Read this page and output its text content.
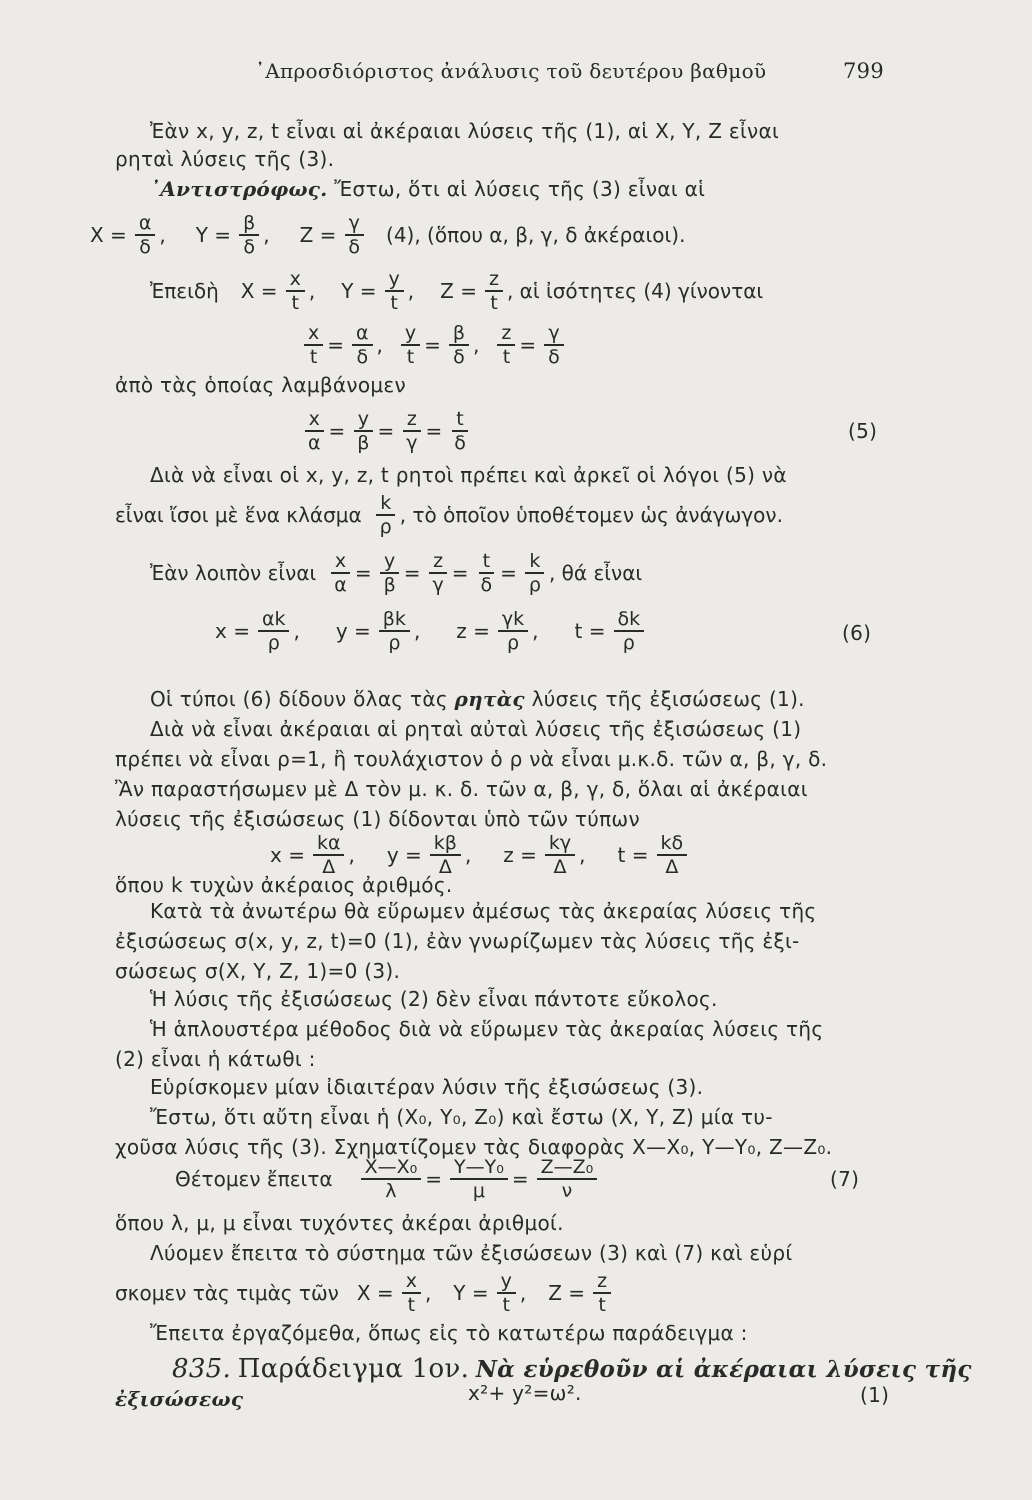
᾿Απροσδιόριστος ἀνάλυσις τοῦ δευτέρου βαθμοῦ	799
Ἐὰν x, y, z, t εἶναι αἱ ἀκέραιαι λύσεις τῆς (1), αἱ X, Y, Z εἶναι
ρηταὶ λύσεις τῆς (3).
᾿Αντιστρόφως. Ἔστω, ὅτι αἱ λύσεις τῆς (3) εἶναι αἱ
$X = \frac{\alpha}{\delta}$ , $Y = \frac{\beta}{\delta}$ , $Z = \frac{\gamma}{\delta} (4)$, (ὅπου α, β, γ, δ ἀκέραιοι).
Ἐπειδὴ $X = \frac{x}{t}$ , $Y = \frac{y}{t}$ , $Z = \frac{z}{t}$ , αἱ ἰσότητες (4) γίνονται
$\frac{x}{t} = \frac{\alpha}{\delta}$ , $\frac{y}{t} = \frac{\beta}{\delta}$ , $\frac{z}{t} = \frac{\gamma}{\delta}$
ἀπὸ τὰς ὁποίας λαμβάνομεν
$\frac{x}{\alpha} = \frac{y}{\beta} = \frac{z}{\gamma} = \frac{t}{\delta}$	(5)
Διὰ νὰ εἶναι οἱ x, y, z, t ρητοὶ πρέπει καὶ ἀρκεῖ οἱ λόγοι (5) νὰ
εἶναι ἴσοι μὲ ἕνα κλάσμα $\frac{k}{\rho}$ , τὸ ὁποῖον ὑποθέτομεν ὡς ἀνάγωγον.
Ἐὰν λοιπὸν εἶναι $\frac{x}{\alpha} = \frac{y}{\beta} = \frac{z}{\gamma} = \frac{t}{\delta} = \frac{k}{\rho}$ , θά εἶναι
$x = \frac{\alpha k}{\rho}$ , $y = \frac{\beta k}{\rho}$ , $z = \frac{\gamma k}{\rho}$ , $t = \frac{\delta k}{\rho}$	(6)
Οἱ τύποι (6) δίδουν ὅλας τὰς ρητὰς λύσεις τῆς ἐξισώσεως (1).
Διὰ νὰ εἶναι ἀκέραιαι αἱ ρηταὶ αὐταὶ λύσεις τῆς ἐξισώσεως (1)
πρέπει νὰ εἶναι ρ=1, ἢ τουλάχιστον ὁ ρ νὰ εἶναι μ.κ.δ. τῶν α, β, γ, δ.
Ἂν παραστήσωμεν μὲ Δ τὸν μ. κ. δ. τῶν α, β, γ, δ, ὅλαι αἱ ἀκέραιαι
λύσεις τῆς ἐξισώσεως (1) δίδονται ὑπὸ τῶν τύπων
$x = \frac{k\alpha}{\Delta}$ , $y = \frac{k\beta}{\Delta}$ , $z = \frac{k\gamma}{\Delta}$ , $t = \frac{k\delta}{\Delta}$
ὅπου k τυχὼν ἀκέραιος ἀριθμός.
Κατὰ τὰ ἀνωτέρω θὰ εὕρωμεν ἀμέσως τὰς ἀκεραίας λύσεις τῆς
ἐξισώσεως σ(x, y, z, t)=0 (1), ἐὰν γνωρίζωμεν τὰς λύσεις τῆς ἐξι-
σώσεως σ(X, Y, Z, 1)=0 (3).
Ἡ λύσις τῆς ἐξισώσεως (2) δὲν εἶναι πάντοτε εὔκολος.
Ἡ ἁπλουστέρα μέθοδος διὰ νὰ εὕρωμεν τὰς ἀκεραίας λύσεις τῆς
(2) εἶναι ἡ κάτωθι :
Εὑρίσκομεν μίαν ἰδιαιτέραν λύσιν τῆς ἐξισώσεως (3).
Ἔστω, ὅτι αὔτη εἶναι ἡ (X₀, Y₀, Z₀) καὶ ἔστω (X, Y, Z) μία τυ-
χοῦσα λύσις τῆς (3). Σχηματίζομεν τὰς διαφορὰς X—X₀, Y—Y₀, Z—Z₀.
Θέτομεν ἔπειτα $\frac{\text{X—X₀}}{\lambda} = \frac{\text{Y—Y₀}}{\mu} = \frac{\text{Z—Z₀}}{\nu}$	(7)
ὅπου λ, μ, μ εἶναι τυχόντες ἀκέραι ἀριθμοί.
Λύομεν ἔπειτα τὸ σύστημα τῶν ἐξισώσεων (3) καὶ (7) καὶ εὑρί
σκομεν τὰς τιμὰς τῶν $X = \frac{x}{t}$ , $Y = \frac{y}{t}$ , $Z = \frac{z}{t}$
Ἔπειτα ἐργαζόμεθα, ὅπως εἰς τὸ κατωτέρω παράδειγμα :
835. Παράδειγμα 1ον. Νὰ εὑρεθοῦν αἱ ἀκέραιαι λύσεις τῆς
ἐξισώσεως	x²+ y²=ω².	(1)
